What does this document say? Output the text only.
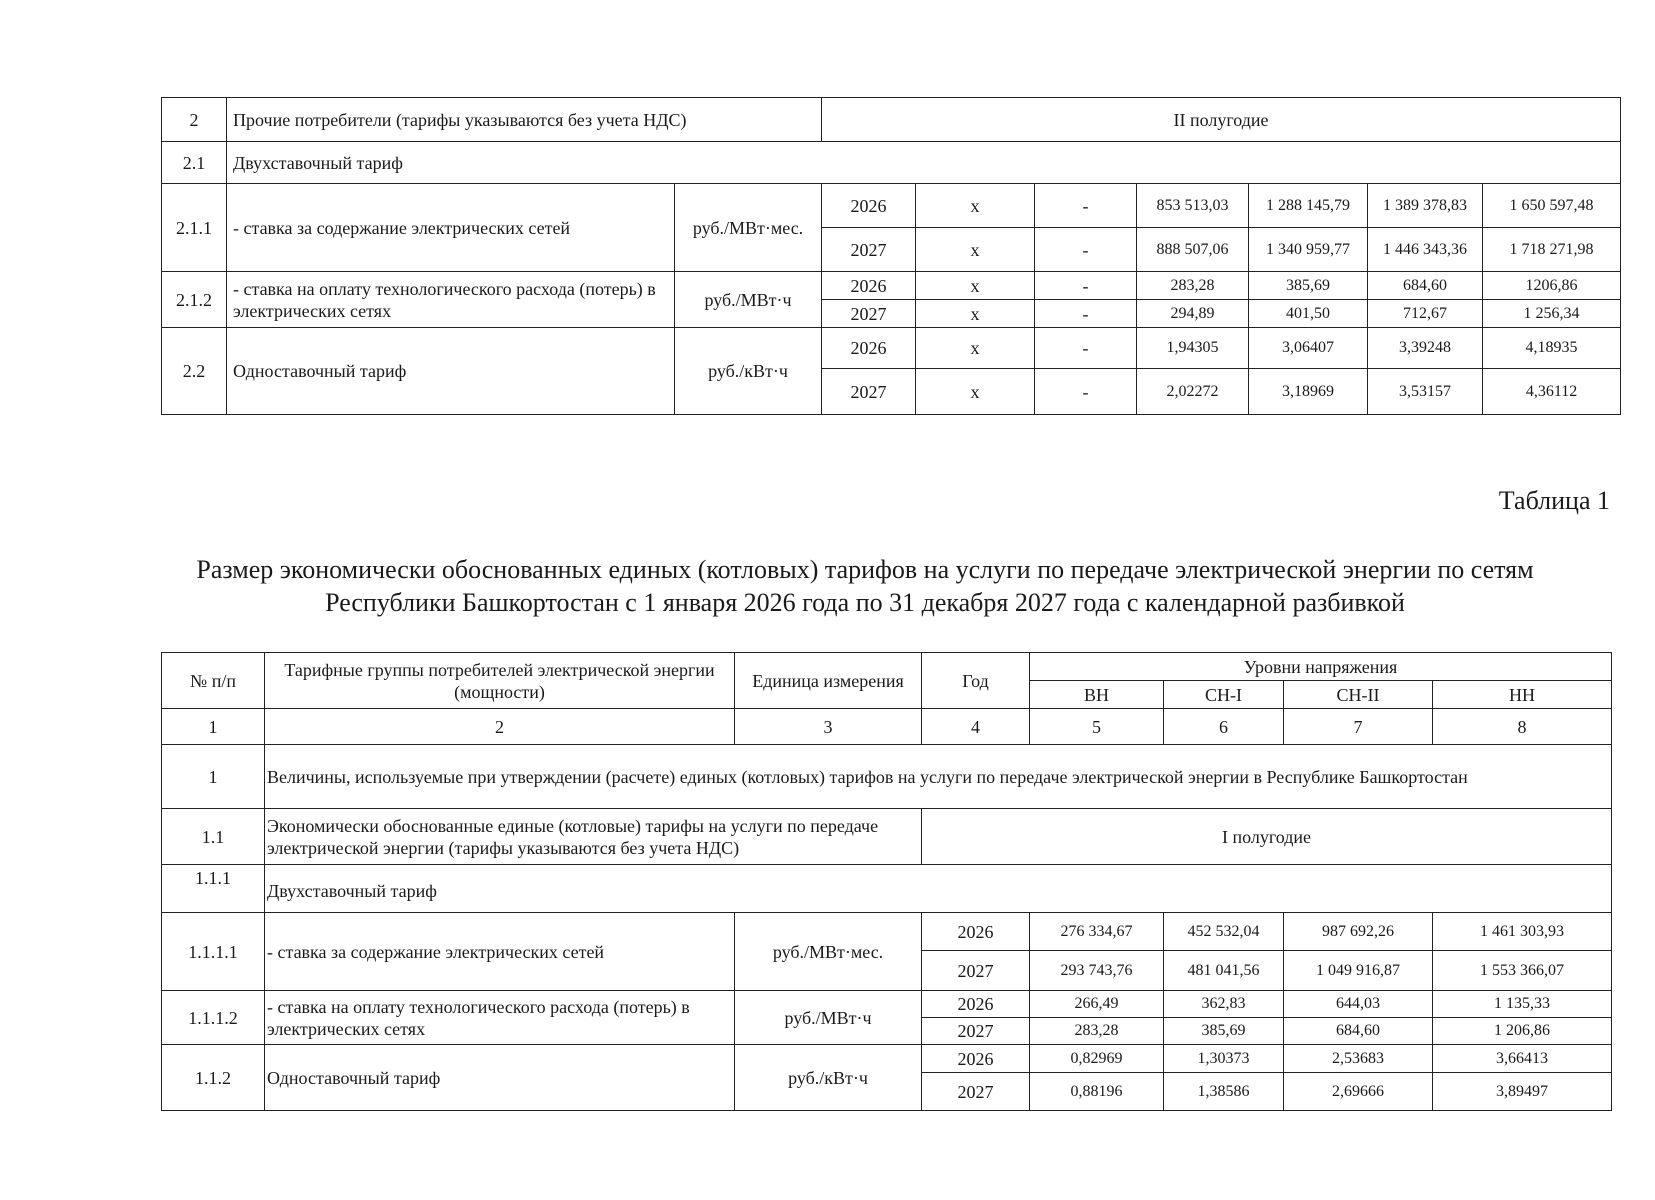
2	Прочие потребители (тарифы указываются без учета НДС)		II полугодие						
2.1	Двухставочный тариф								
2.1.1	- ставка за содержание электрических сетей	руб./МВт·мес.	2026	х	-	853 513,03	1 288 145,79	1 389 378,83	1 650 597,48
			2027	х	-	888 507,06	1 340 959,77	1 446 343,36	1 718 271,98
2.1.2	- ставка на оплату технологического расхода (потерь) в электрических сетях	руб./МВт·ч	2026	х	-	283,28	385,69	684,60	1206,86
			2027	х	-	294,89	401,50	712,67	1 256,34
2.2	Одноставочный тариф	руб./кВт·ч	2026	х	-	1,94305	3,06407	3,39248	4,18935
			2027	х	-	2,02272	3,18969	3,53157	4,36112
Таблица 1
Размер экономически обоснованных единых (котловых) тарифов на услуги по передаче электрической энергии по сетям
Республики Башкортостан с 1 января 2026 года по 31 декабря 2027 года с календарной разбивкой
№ п/п	Тарифные группы потребителей электрической энергии (мощности)	Единица измерения	Год	Уровни напряжения			
				ВН	СН-I	СН-II	НН
1	2	3	4	5	6	7	8
1	Величины, используемые при утверждении (расчете) единых (котловых) тарифов на услуги по передаче электрической энергии в Республике Башкортостан						
1.1	Экономически обоснованные единые (котловые) тарифы на услуги по передаче электрической энергии (тарифы указываются без учета НДС)		I полугодие				
1.1.1	Двухставочный тариф						
1.1.1.1	- ставка за содержание электрических сетей	руб./МВт·мес.	2026	276 334,67	452 532,04	987 692,26	1 461 303,93
			2027	293 743,76	481 041,56	1 049 916,87	1 553 366,07
1.1.1.2	- ставка на оплату технологического расхода (потерь) в электрических сетях	руб./МВт·ч	2026	266,49	362,83	644,03	1 135,33
			2027	283,28	385,69	684,60	1 206,86
1.1.2	Одноставочный тариф	руб./кВт·ч	2026	0,82969	1,30373	2,53683	3,66413
			2027	0,88196	1,38586	2,69666	3,89497
